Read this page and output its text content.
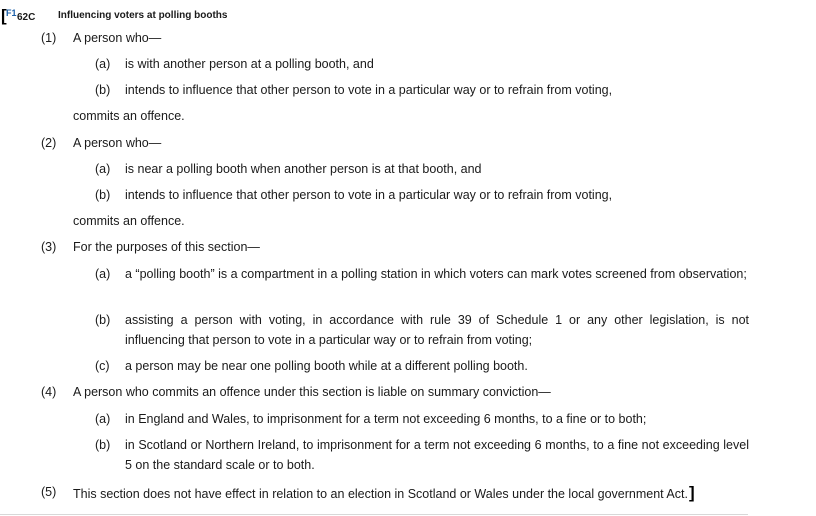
[ F1 62C Influencing voters at polling booths
(1) A person who—
(a) is with another person at a polling booth, and
(b) intends to influence that other person to vote in a particular way or to refrain from voting,
commits an offence.
(2) A person who—
(a) is near a polling booth when another person is at that booth, and
(b) intends to influence that other person to vote in a particular way or to refrain from voting,
commits an offence.
(3) For the purposes of this section—
(a) a “polling booth” is a compartment in a polling station in which voters can mark votes screened from observation;
(b) assisting a person with voting, in accordance with rule 39 of Schedule 1 or any other legislation, is not influencing that person to vote in a particular way or to refrain from voting;
(c) a person may be near one polling booth while at a different polling booth.
(4) A person who commits an offence under this section is liable on summary conviction—
(a) in England and Wales, to imprisonment for a term not exceeding 6 months, to a fine or to both;
(b) in Scotland or Northern Ireland, to imprisonment for a term not exceeding 6 months, to a fine not exceeding level 5 on the standard scale or to both.
(5) This section does not have effect in relation to an election in Scotland or Wales under the local government Act.]
